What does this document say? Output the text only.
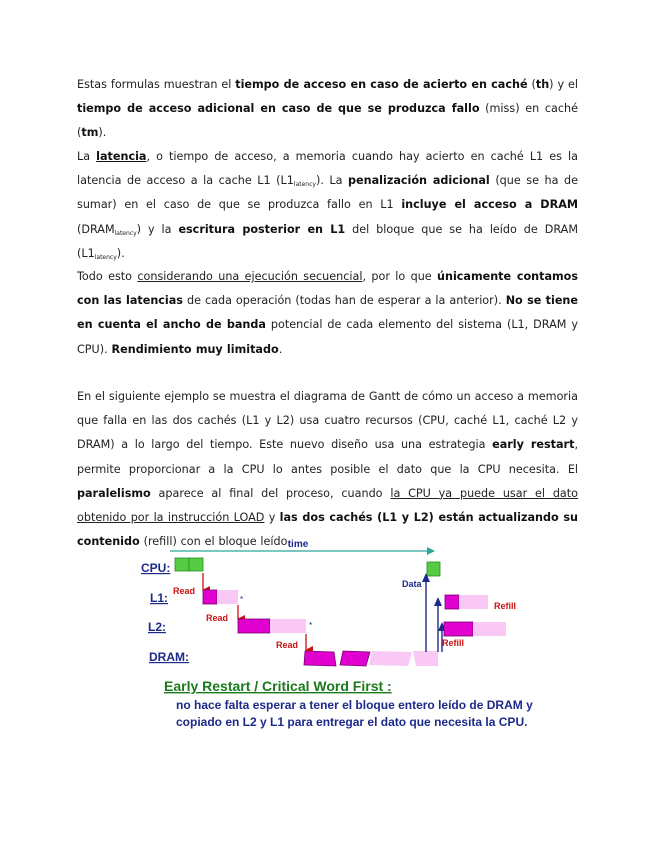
Estas formulas muestran el tiempo de acceso en caso de acierto en caché (th) y el tiempo de acceso adicional en caso de que se produzca fallo (miss) en caché (tm).

La latencia, o tiempo de acceso, a memoria cuando hay acierto en caché L1 es la latencia de acceso a la cache L1 $(L1_{latency})$. La penalización adicional (que se ha de sumar) en el caso de que se produzca fallo en L1 incluye el acceso a DRAM $(DRAM_{latency})$ y la escritura posterior en L1 del bloque que se ha leído de DRAM $(L1_{latency})$.

Todo esto considerando una ejecución secuencial, por lo que únicamente contamos con las latencias de cada operación (todas han de esperar a la anterior). No se tiene en cuenta el ancho de banda potencial de cada elemento del sistema (L1, DRAM y CPU). Rendimiento muy limitado.

En el siguiente ejemplo se muestra el diagrama de Gantt de cómo un acceso a memoria que falla en las dos cachés (L1 y L2) usa cuatro recursos (CPU, caché L1, caché L2 y DRAM) a lo largo del tiempo. Este nuevo diseño usa una estrategia early restart, permite proporcionar a la CPU lo antes posible el dato que la CPU necesita. El paralelismo aparece al final del proceso, cuando la CPU ya puede usar el dato obtenido por la instrucción LOAD y las dos cachés (L1 y L2) están actualizando su contenido (refill) con el bloque leído.

time
CPU:
L1:
L2:
DRAM:
Read
*
Read
*
Read
Data
Refill
Refill
Early Restart / Critical Word First :
no hace falta esperar a tener el bloque entero leído de DRAM y
copiado en L2 y L1 para entregar el dato que necesita la CPU.
